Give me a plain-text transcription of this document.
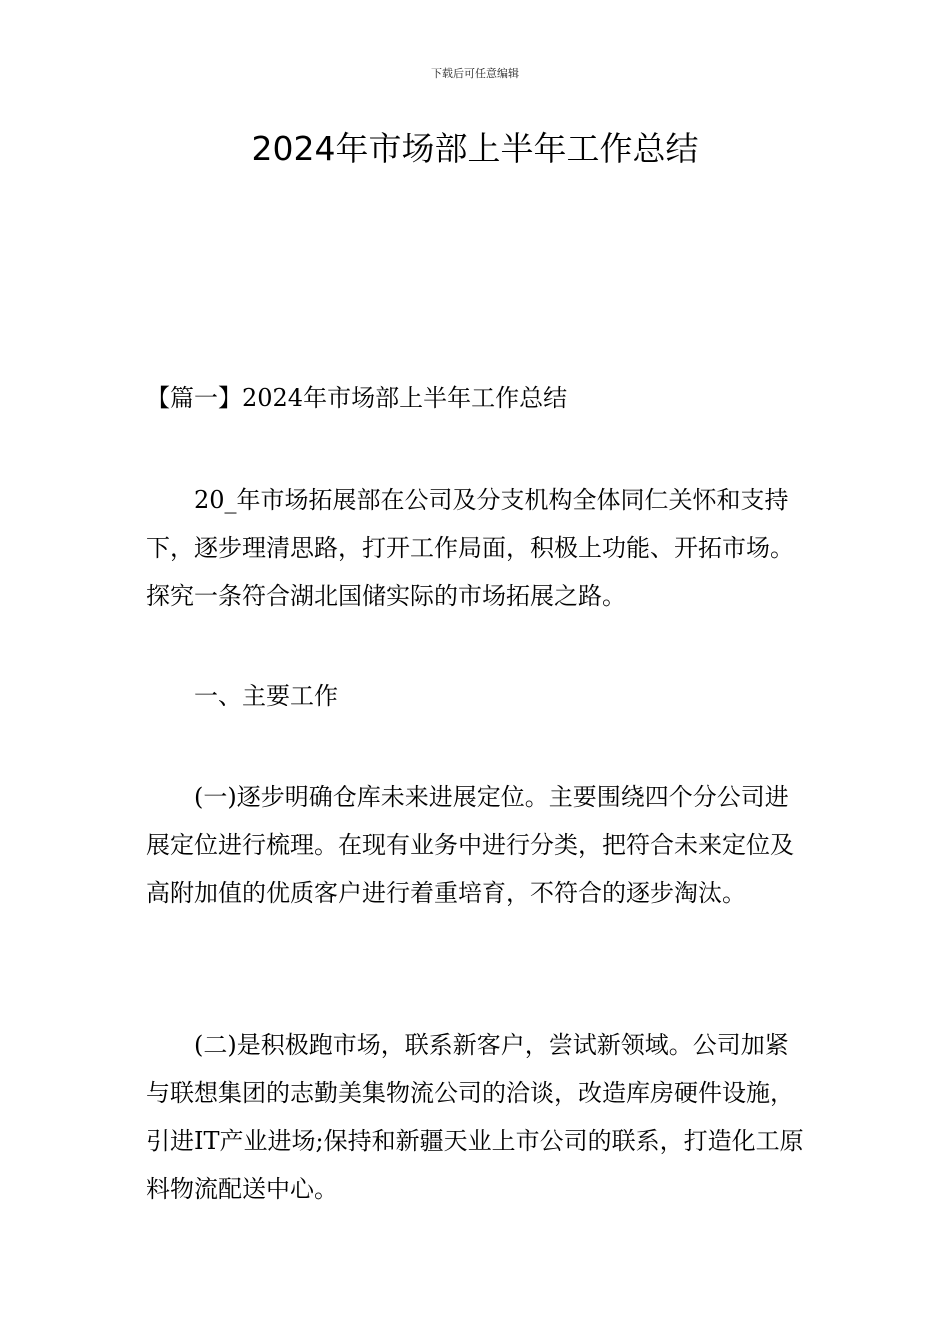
下载后可任意编辑
2024年市场部上半年工作总结
【篇一】2024年市场部上半年工作总结

20_年市场拓展部在公司及分支机构全体同仁关怀和支持下，逐步理清思路，打开工作局面，积极上功能、开拓市场。探究一条符合湖北国储实际的市场拓展之路。

一、主要工作

(一)逐步明确仓库未来进展定位。主要围绕四个分公司进展定位进行梳理。在现有业务中进行分类，把符合未来定位及高附加值的优质客户进行着重培育，不符合的逐步淘汰。

(二)是积极跑市场，联系新客户，尝试新领域。公司加紧与联想集团的志勤美集物流公司的洽谈，改造库房硬件设施，引进IT产业进场;保持和新疆天业上市公司的联系，打造化工原料物流配送中心。
